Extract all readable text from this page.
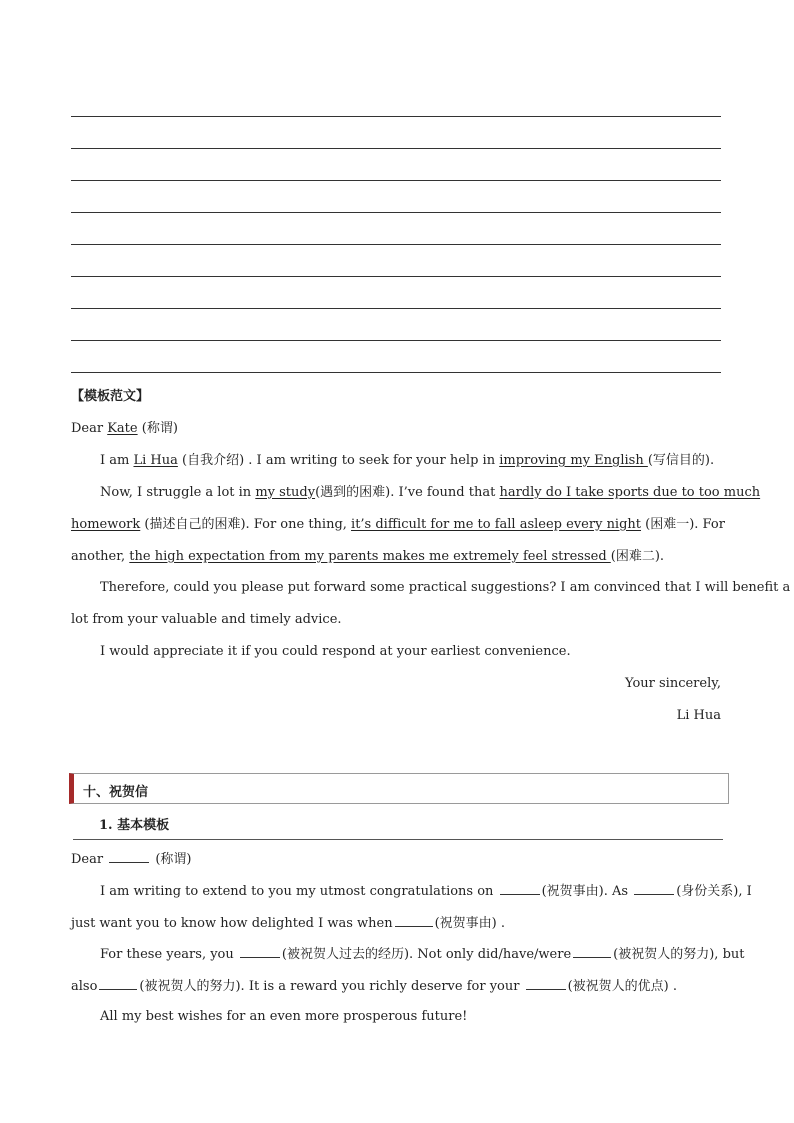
【模板范文】
Dear Kate (称谓)
I am Li Hua (自我介绍) . I am writing to seek for your help in improving my English (写信目的).
Now, I struggle a lot in my study(遇到的困难). I’ve found that hardly do I take sports due to too much
homework (描述自己的困难). For one thing, it’s difficult for me to fall asleep every night (困难一). For
another, the high expectation from my parents makes me extremely feel stressed (困难二).
Therefore, could you please put forward some practical suggestions? I am convinced that I will benefit a
lot from your valuable and timely advice.
I would appreciate it if you could respond at your earliest convenience.
Your sincerely,
Li Hua
十、祝贺信
1. 基本模板
Dear	(称谓)
I am writing to extend to you my utmost congratulations on	(祝贺事由). As	(身份关系), I
just want you to know how delighted I was when	(祝贺事由) .
For these years, you	(被祝贺人过去的经历). Not only did/have/were	(被祝贺人的努力), but
also	(被祝贺人的努力). It is a reward you richly deserve for your	(被祝贺人的优点) .
All my best wishes for an even more prosperous future!
